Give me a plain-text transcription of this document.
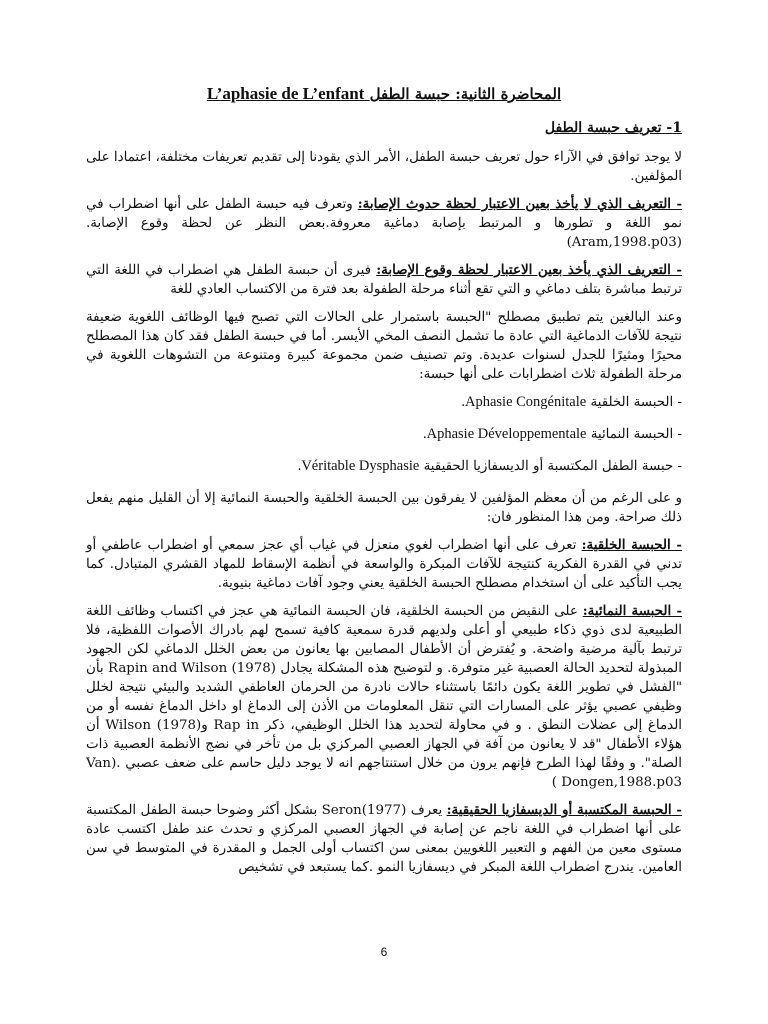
المحاضرة الثانية: حبسة الطفل L’aphasie de L’enfant
1- تعريف حبسة الطفل

لا يوجد توافق في الآراء حول تعريف حبسة الطفل، الأمر الذي يقودنا إلى تقديم تعريفات مختلفة، اعتمادا على المؤلفين.

- التعريف الذي لا يأخذ بعين الاعتبار لحظة حدوث الإصابة: وتعرف فيه حبسة الطفل على أنها اضطراب في نمو اللغة و تطورها و المرتبط بإصابة دماغية معروفة.بعض النظر عن لحظة وقوع الإصابة. (Aram,1998.p03)

- التعريف الذي يأخذ بعين الاعتبار لحظة وقوع الإصابة: فيرى أن حبسة الطفل هي اضطراب في اللغة التي ترتبط مباشرة بتلف دماغي و التي تقع أثناء مرحلة الطفولة بعد فترة من الاكتساب العادي للغة

وعند البالغين يتم تطبيق مصطلح "الحبسة باستمرار على الحالات التي تصبح فيها الوظائف اللغوية ضعيفة نتيجة للآفات الدماغية التي عادة ما تشمل النصف المخي الأيسر. أما في حبسة الطفل فقد كان هذا المصطلح محيرًا ومثيرًا للجدل لسنوات عديدة. وتم تصنيف ضمن مجموعة كبيرة ومتنوعة من التشوهات اللغوية في مرحلة الطفولة ثلاث اضطرابات على أنها حبسة:

- الحبسة الخلقية Aphasie Congénitale.

- الحبسة النمائية Aphasie Développementale.

- حبسة الطفل المكتسبة أو الديسفازيا الحقيقية Véritable Dysphasie.

و على الرغم من أن معظم المؤلفين لا يفرقون بين الحبسة الخلقية والحبسة النمائية إلا أن القليل منهم يفعل ذلك صراحة. ومن هذا المنظور فان:

- الحبسة الخلقية: تعرف على أنها اضطراب لغوي منعزل في غياب أي عجز سمعي أو اضطراب عاطفي أو تدني في القدرة الفكرية كنتيجة للآفات المبكرة والواسعة في أنظمة الإسقاط للمهاد القشري المتبادل. كما يجب التأكيد على أن استخدام مصطلح الحبسة الخلقية يعني وجود آفات دماغية بنيوية.

- الحبسة النمائية: على النقيض من الحبسة الخلقية، فان الحبسة النمائية هي عجز في اكتساب وظائف اللغة الطبيعية لدى ذوي ذكاء طبيعي أو أعلى ولديهم قدرة سمعية كافية تسمح لهم بادراك الأصوات اللفظية، فلا ترتبط بآلية مرضية واضحة. و يُفترض أن الأطفال المصابين بها يعانون من بعض الخلل الدماغي لكن الجهود المبذولة لتحديد الحالة العصبية غير متوفرة. و لتوضيح هذه المشكلة يجادل Rapin and Wilson (1978) بأن "الفشل في تطوير اللغة يكون دائمًا باستثناء حالات نادرة من الحرمان العاطفي الشديد والبيئي نتيجة لخلل وظيفي عصبي يؤثر على المسارات التي تنقل المعلومات من الأذن إلى الدماغ او داخل الدماغ نفسه أو من الدماغ إلى عضلات النطق . و في محاولة لتحديد هذا الخلل الوظيفي، ذكر Rap in وWilson (1978) أن هؤلاء الأطفال "قد لا يعانون من آفة في الجهاز العصبي المركزي بل من تأخر في نضج الأنظمة العصبية ذات الصلة". و وفقًا لهذا الطرح فإنهم يرون من خلال استنتاجهم انه لا يوجد دليل حاسم على ضعف عصبي .(Van Dongen,1988.p03 )

- الحبسة المكتسبة أو الديسفازيا الحقيقية: يعرف Seron(1977) بشكل أكثر وضوحا حبسة الطفل المكتسبة على أنها اضطراب في اللغة ناجم عن إصابة في الجهاز العصبي المركزي و تحدث عند طفل اكتسب عادة مستوى معين من الفهم و التعبير اللغويين بمعنى سن اكتساب أولى الجمل و المقدرة في المتوسط في سن العامين. يندرج اضطراب اللغة المبكر في ديسفازيا النمو .كما يستبعد في تشخيص

6
